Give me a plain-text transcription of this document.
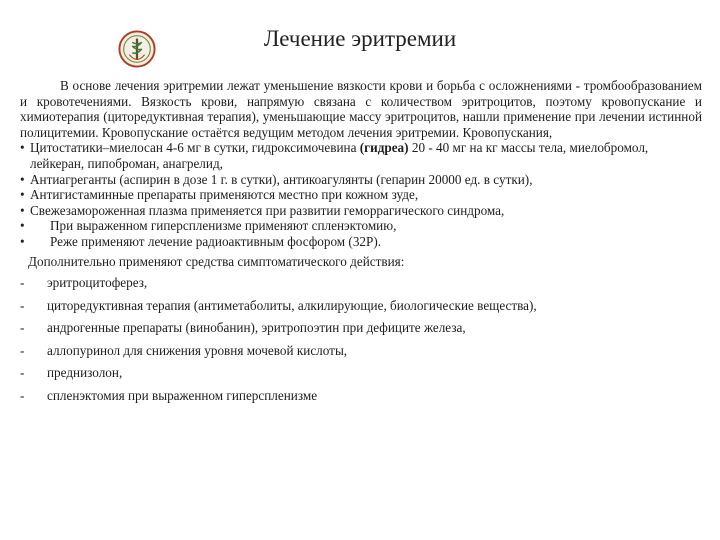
Лечение эритремии

В основе лечения эритремии лежат уменьшение вязкости крови и борьба с осложнениями - тромбообразованием и кровотечениями. Вязкость крови, напрямую связана с количеством эритроцитов, поэтому кровопускание и химиотерапия (циторедуктивная терапия), уменьшающие массу эритроцитов, нашли применение при лечении истинной полицитемии. Кровопускание остаётся ведущим методом лечения эритремии. Кровопускания,

• Цитостатики–миелосан 4-6 мг в сутки, гидроксимочевина (гидреа) 20 - 40 мг на кг массы тела, миелобромол, лейкеран, пипоброман, анагрелид,

• Антиагреганты (аспирин в дозе 1 г. в сутки), антикоагулянты (гепарин 20000 ед. в сутки),

• Антигистаминные препараты применяются местно при кожном зуде,

• Свежезамороженная плазма применяется при развитии геморрагического синдрома,

• При выраженном гиперспленизме применяют спленэктомию,

• Реже применяют лечение радиоактивным фосфором (32Р).

Дополнительно применяют средства симптоматического действия:

- эритроцитоферез,

- циторедуктивная терапия (антиметаболиты, алкилирующие, биологические вещества),

- андрогенные препараты (винобанин), эритропоэтин при дефиците железа,

- аллопуринол для снижения уровня мочевой кислоты,

- преднизолон,

- спленэктомия при выраженном гиперспленизме
